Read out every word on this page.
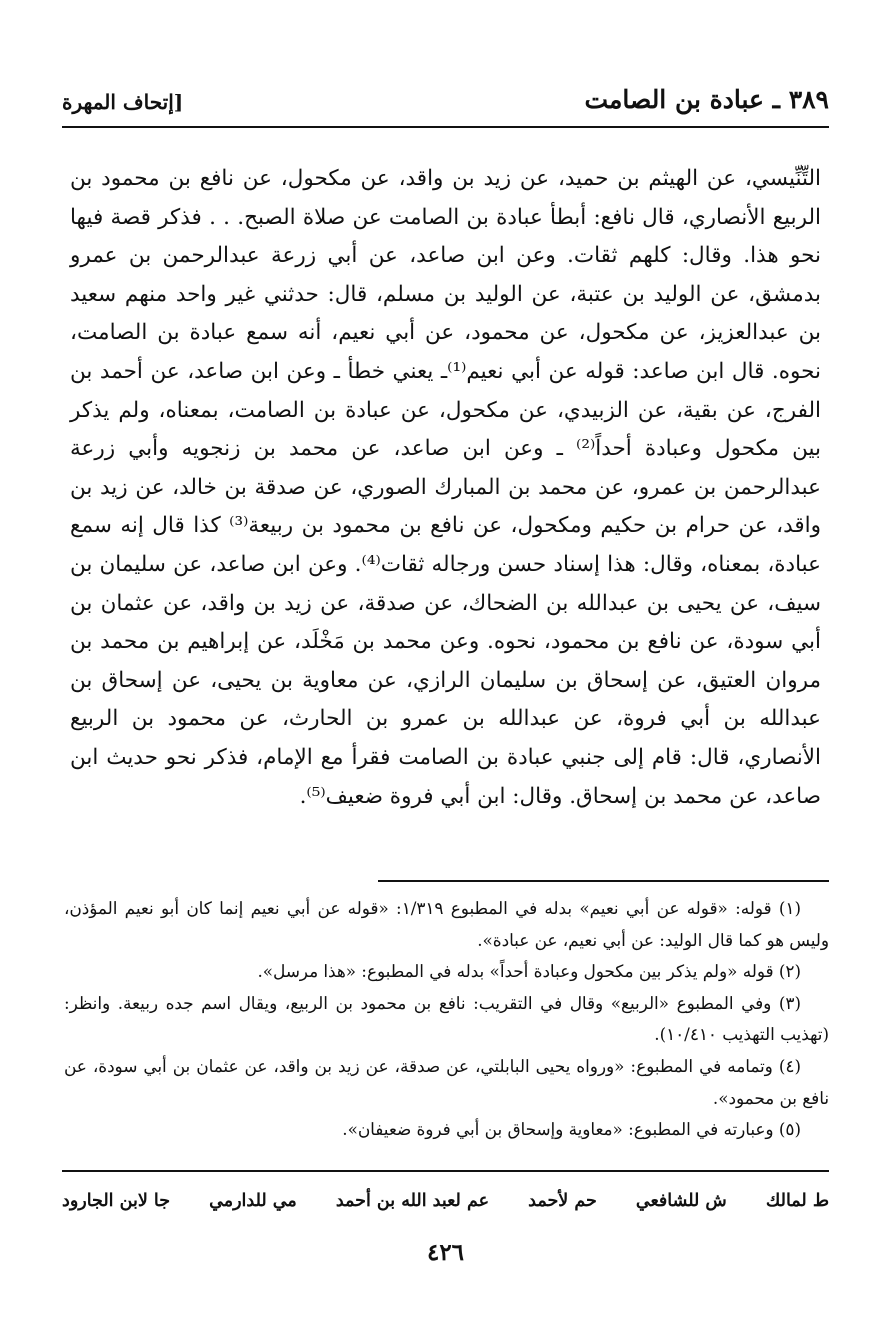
٣٨٩ ـ عبادة بن الصامت
[إتحاف المهرة

التِّنِّيسي، عن الهيثم بن حميد، عن زيد بن واقد، عن مكحول، عن نافع بن محمود بن الربيع الأنصاري، قال نافع: أبطأ عبادة بن الصامت عن صلاة الصبح. . . فذكر قصة فيها نحو هذا. وقال: كلهم ثقات. وعن ابن صاعد، عن أبي زرعة عبدالرحمن بن عمرو بدمشق، عن الوليد بن عتبة، عن الوليد بن مسلم، قال: حدثني غير واحد منهم سعيد بن عبدالعزيز، عن مكحول، عن محمود، عن أبي نعيم، أنه سمع عبادة بن الصامت، نحوه. قال ابن صاعد: قوله عن أبي نعيم⁽¹⁾ـ يعني خطأ ـ وعن ابن صاعد، عن أحمد بن الفرج، عن بقية، عن الزبيدي، عن مكحول، عن عبادة بن الصامت، بمعناه، ولم يذكر بين مكحول وعبادة أحداً⁽²⁾ ـ وعن ابن صاعد، عن محمد بن زنجويه وأبي زرعة عبدالرحمن بن عمرو، عن محمد بن المبارك الصوري، عن صدقة بن خالد، عن زيد بن واقد، عن حرام بن حكيم ومكحول، عن نافع بن محمود بن ربيعة⁽³⁾ كذا قال إنه سمع عبادة، بمعناه، وقال: هذا إسناد حسن ورجاله ثقات⁽⁴⁾. وعن ابن صاعد، عن سليمان بن سيف، عن يحيى بن عبدالله بن الضحاك، عن صدقة، عن زيد بن واقد، عن عثمان بن أبي سودة، عن نافع بن محمود، نحوه. وعن محمد بن مَخْلَد، عن إبراهيم بن محمد بن مروان العتيق، عن إسحاق بن سليمان الرازي، عن معاوية بن يحيى، عن إسحاق بن عبدالله بن أبي فروة، عن عبدالله بن عمرو بن الحارث، عن محمود بن الربيع الأنصاري، قال: قام إلى جنبي عبادة بن الصامت فقرأ مع الإمام، فذكر نحو حديث ابن صاعد، عن محمد بن إسحاق. وقال: ابن أبي فروة ضعيف⁽⁵⁾.

(١) قوله: «قوله عن أبي نعيم» بدله في المطبوع ١/٣١٩: «قوله عن أبي نعيم إنما كان أبو نعيم المؤذن، وليس هو كما قال الوليد: عن أبي نعيم، عن عبادة».

(٢) قوله «ولم يذكر بين مكحول وعبادة أحداً» بدله في المطبوع: «هذا مرسل».

(٣) وفي المطبوع «الربيع» وقال في التقريب: نافع بن محمود بن الربيع، ويقال اسم جده ربيعة. وانظر: (تهذيب التهذيب ١٠/٤١٠).

(٤) وتمامه في المطبوع: «ورواه يحيى البابلتي، عن صدقة، عن زيد بن واقد، عن عثمان بن أبي سودة، عن نافع بن محمود».

(٥) وعبارته في المطبوع: «معاوية وإسحاق بن أبي فروة ضعيفان».

ط لمالك
ش للشافعي
حم لأحمد
عم لعبد الله بن أحمد
مي للدارمي
جا لابن الجارود
٤٢٦
